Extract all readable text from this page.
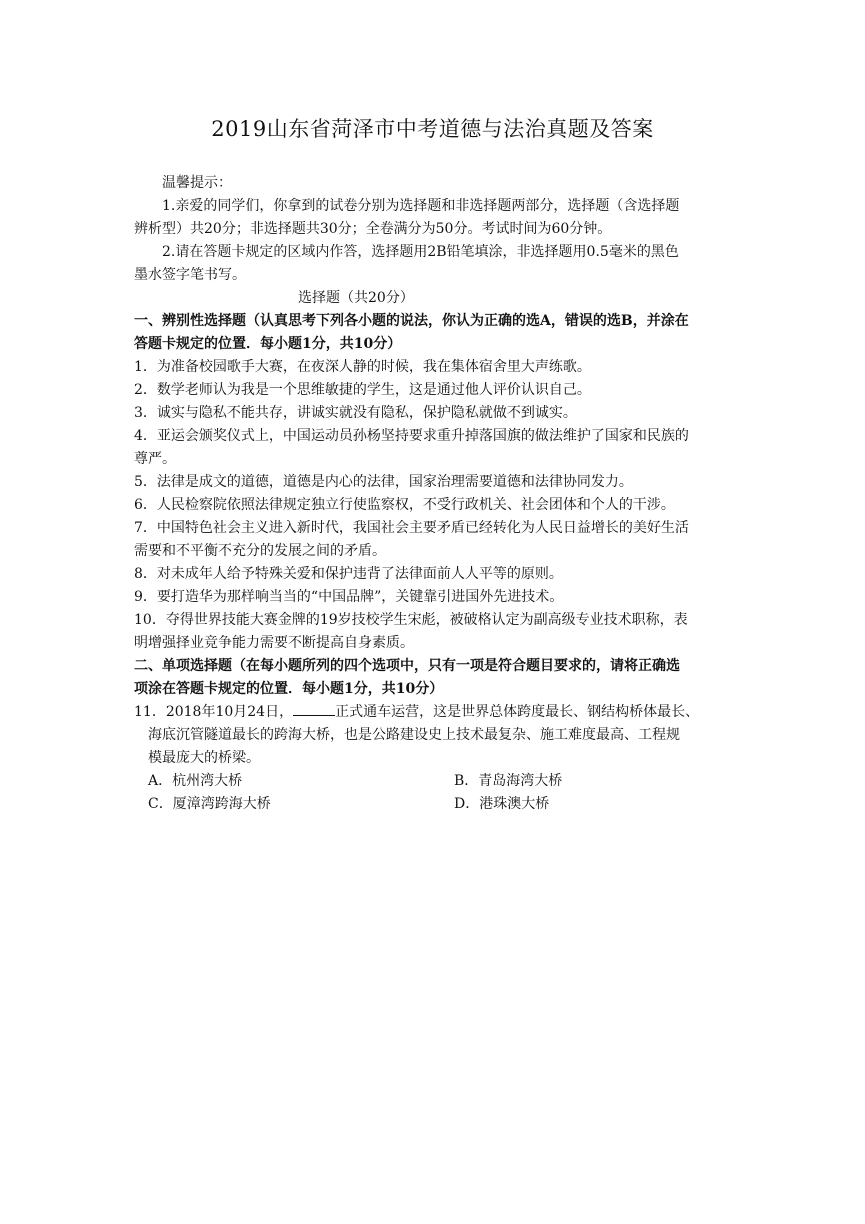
2019山东省菏泽市中考道德与法治真题及答案
温馨提示：
1.亲爱的同学们，你拿到的试卷分别为选择题和非选择题两部分，选择题（含选择题
辨析型）共20分；非选择题共30分；全卷满分为50分。考试时间为60分钟。
2.请在答题卡规定的区域内作答，选择题用2B铅笔填涂，非选择题用0.5毫米的黑色
墨水签字笔书写。
选择题（共20分）
一、辨别性选择题（认真思考下列各小题的说法，你认为正确的选A，错误的选B，并涂在
答题卡规定的位置．每小题1分，共10分）
1．为准备校园歌手大赛，在夜深人静的时候，我在集体宿舍里大声练歌。
2．数学老师认为我是一个思维敏捷的学生，这是通过他人评价认识自己。
3．诚实与隐私不能共存，讲诚实就没有隐私，保护隐私就做不到诚实。
4．亚运会颁奖仪式上，中国运动员孙杨坚持要求重升掉落国旗的做法维护了国家和民族的
尊严。
5．法律是成文的道德，道德是内心的法律，国家治理需要道德和法律协同发力。
6．人民检察院依照法律规定独立行使监察权，不受行政机关、社会团体和个人的干涉。
7．中国特色社会主义进入新时代，我国社会主要矛盾已经转化为人民日益增长的美好生活
需要和不平衡不充分的发展之间的矛盾。
8．对未成年人给予特殊关爱和保护违背了法律面前人人平等的原则。
9．要打造华为那样响当当的“中国品牌”，关键靠引进国外先进技术。
10．夺得世界技能大赛金牌的19岁技校学生宋彪，被破格认定为副高级专业技术职称，表
明增强择业竞争能力需要不断提高自身素质。
二、单项选择题（在每小题所列的四个选项中，只有一项是符合题目要求的，请将正确选
项涂在答题卡规定的位置．每小题1分，共10分）
11．2018年10月24日，	正式通车运营，这是世界总体跨度最长、钢结构桥体最长、
海底沉管隧道最长的跨海大桥，也是公路建设史上技术最复杂、施工难度最高、工程规
模最庞大的桥梁。
A．杭州湾大桥	B．青岛海湾大桥
C．厦漳湾跨海大桥	D．港珠澳大桥
